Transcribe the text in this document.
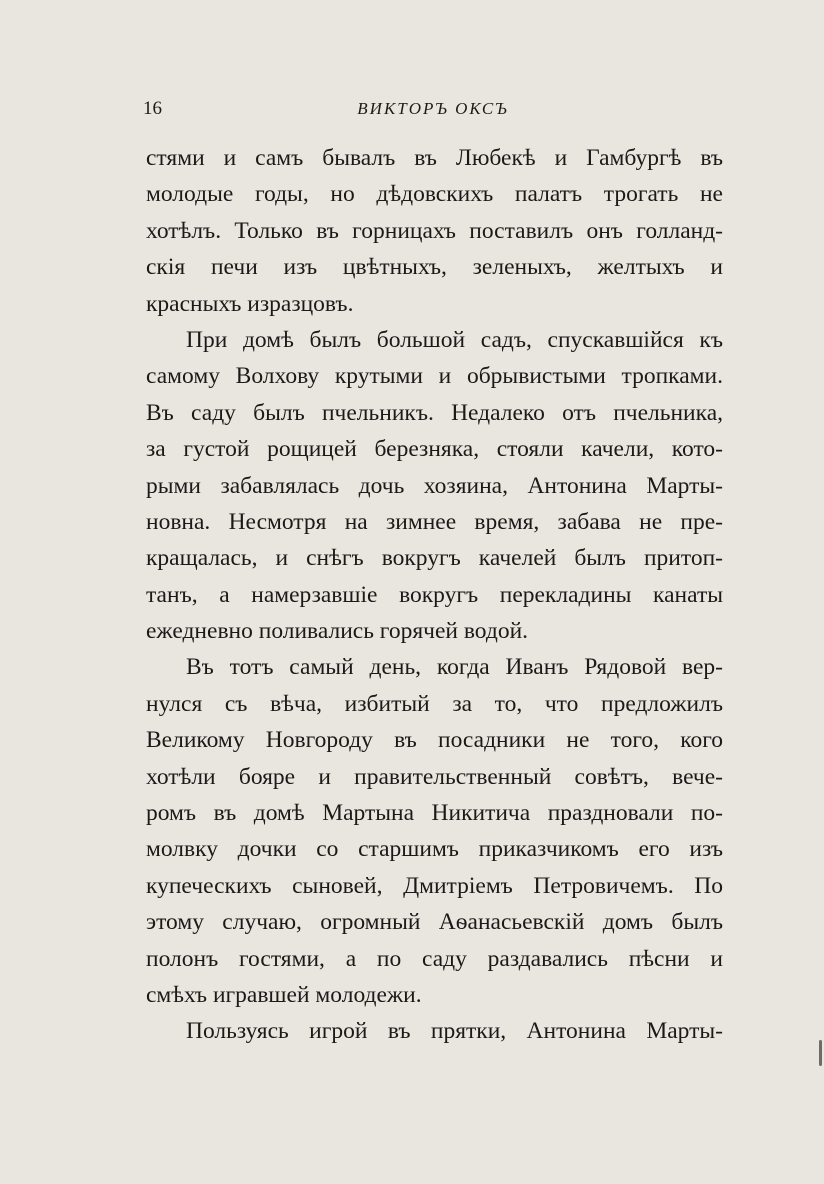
16	ВИКТОРЪ ОКСЪ
стями и самъ бывалъ въ Любекѣ и Гамбургѣ въ
молодые годы, но дѣдовскихъ палатъ трогать не
хотѣлъ. Только въ горницахъ поставилъ онъ голланд-
скія печи изъ цвѣтныхъ, зеленыхъ, желтыхъ и
красныхъ изразцовъ.
При домѣ былъ большой садъ, спускавшійся къ
самому Волхову крутыми и обрывистыми тропками.
Въ саду былъ пчельникъ. Недалеко отъ пчельника,
за густой рощицей березняка, стояли качели, кото-
рыми забавлялась дочь хозяина, Антонина Марты-
новна. Несмотря на зимнее время, забава не пре-
кращалась, и снѣгъ вокругъ качелей былъ притоп-
танъ, а намерзавшіе вокругъ перекладины канаты
ежедневно поливались горячей водой.
Въ тотъ самый день, когда Иванъ Рядовой вер-
нулся съ вѣча, избитый за то, что предложилъ
Великому Новгороду въ посадники не того, кого
хотѣли бояре и правительственный совѣтъ, вече-
ромъ въ домѣ Мартына Никитича праздновали по-
молвку дочки со старшимъ приказчикомъ его изъ
купеческихъ сыновей, Дмитріемъ Петровичемъ. По
этому случаю, огромный Аѳанасьевскій домъ былъ
полонъ гостями, а по саду раздавались пѣсни и
смѣхъ игравшей молодежи.
Пользуясь игрой въ прятки, Антонина Марты-
